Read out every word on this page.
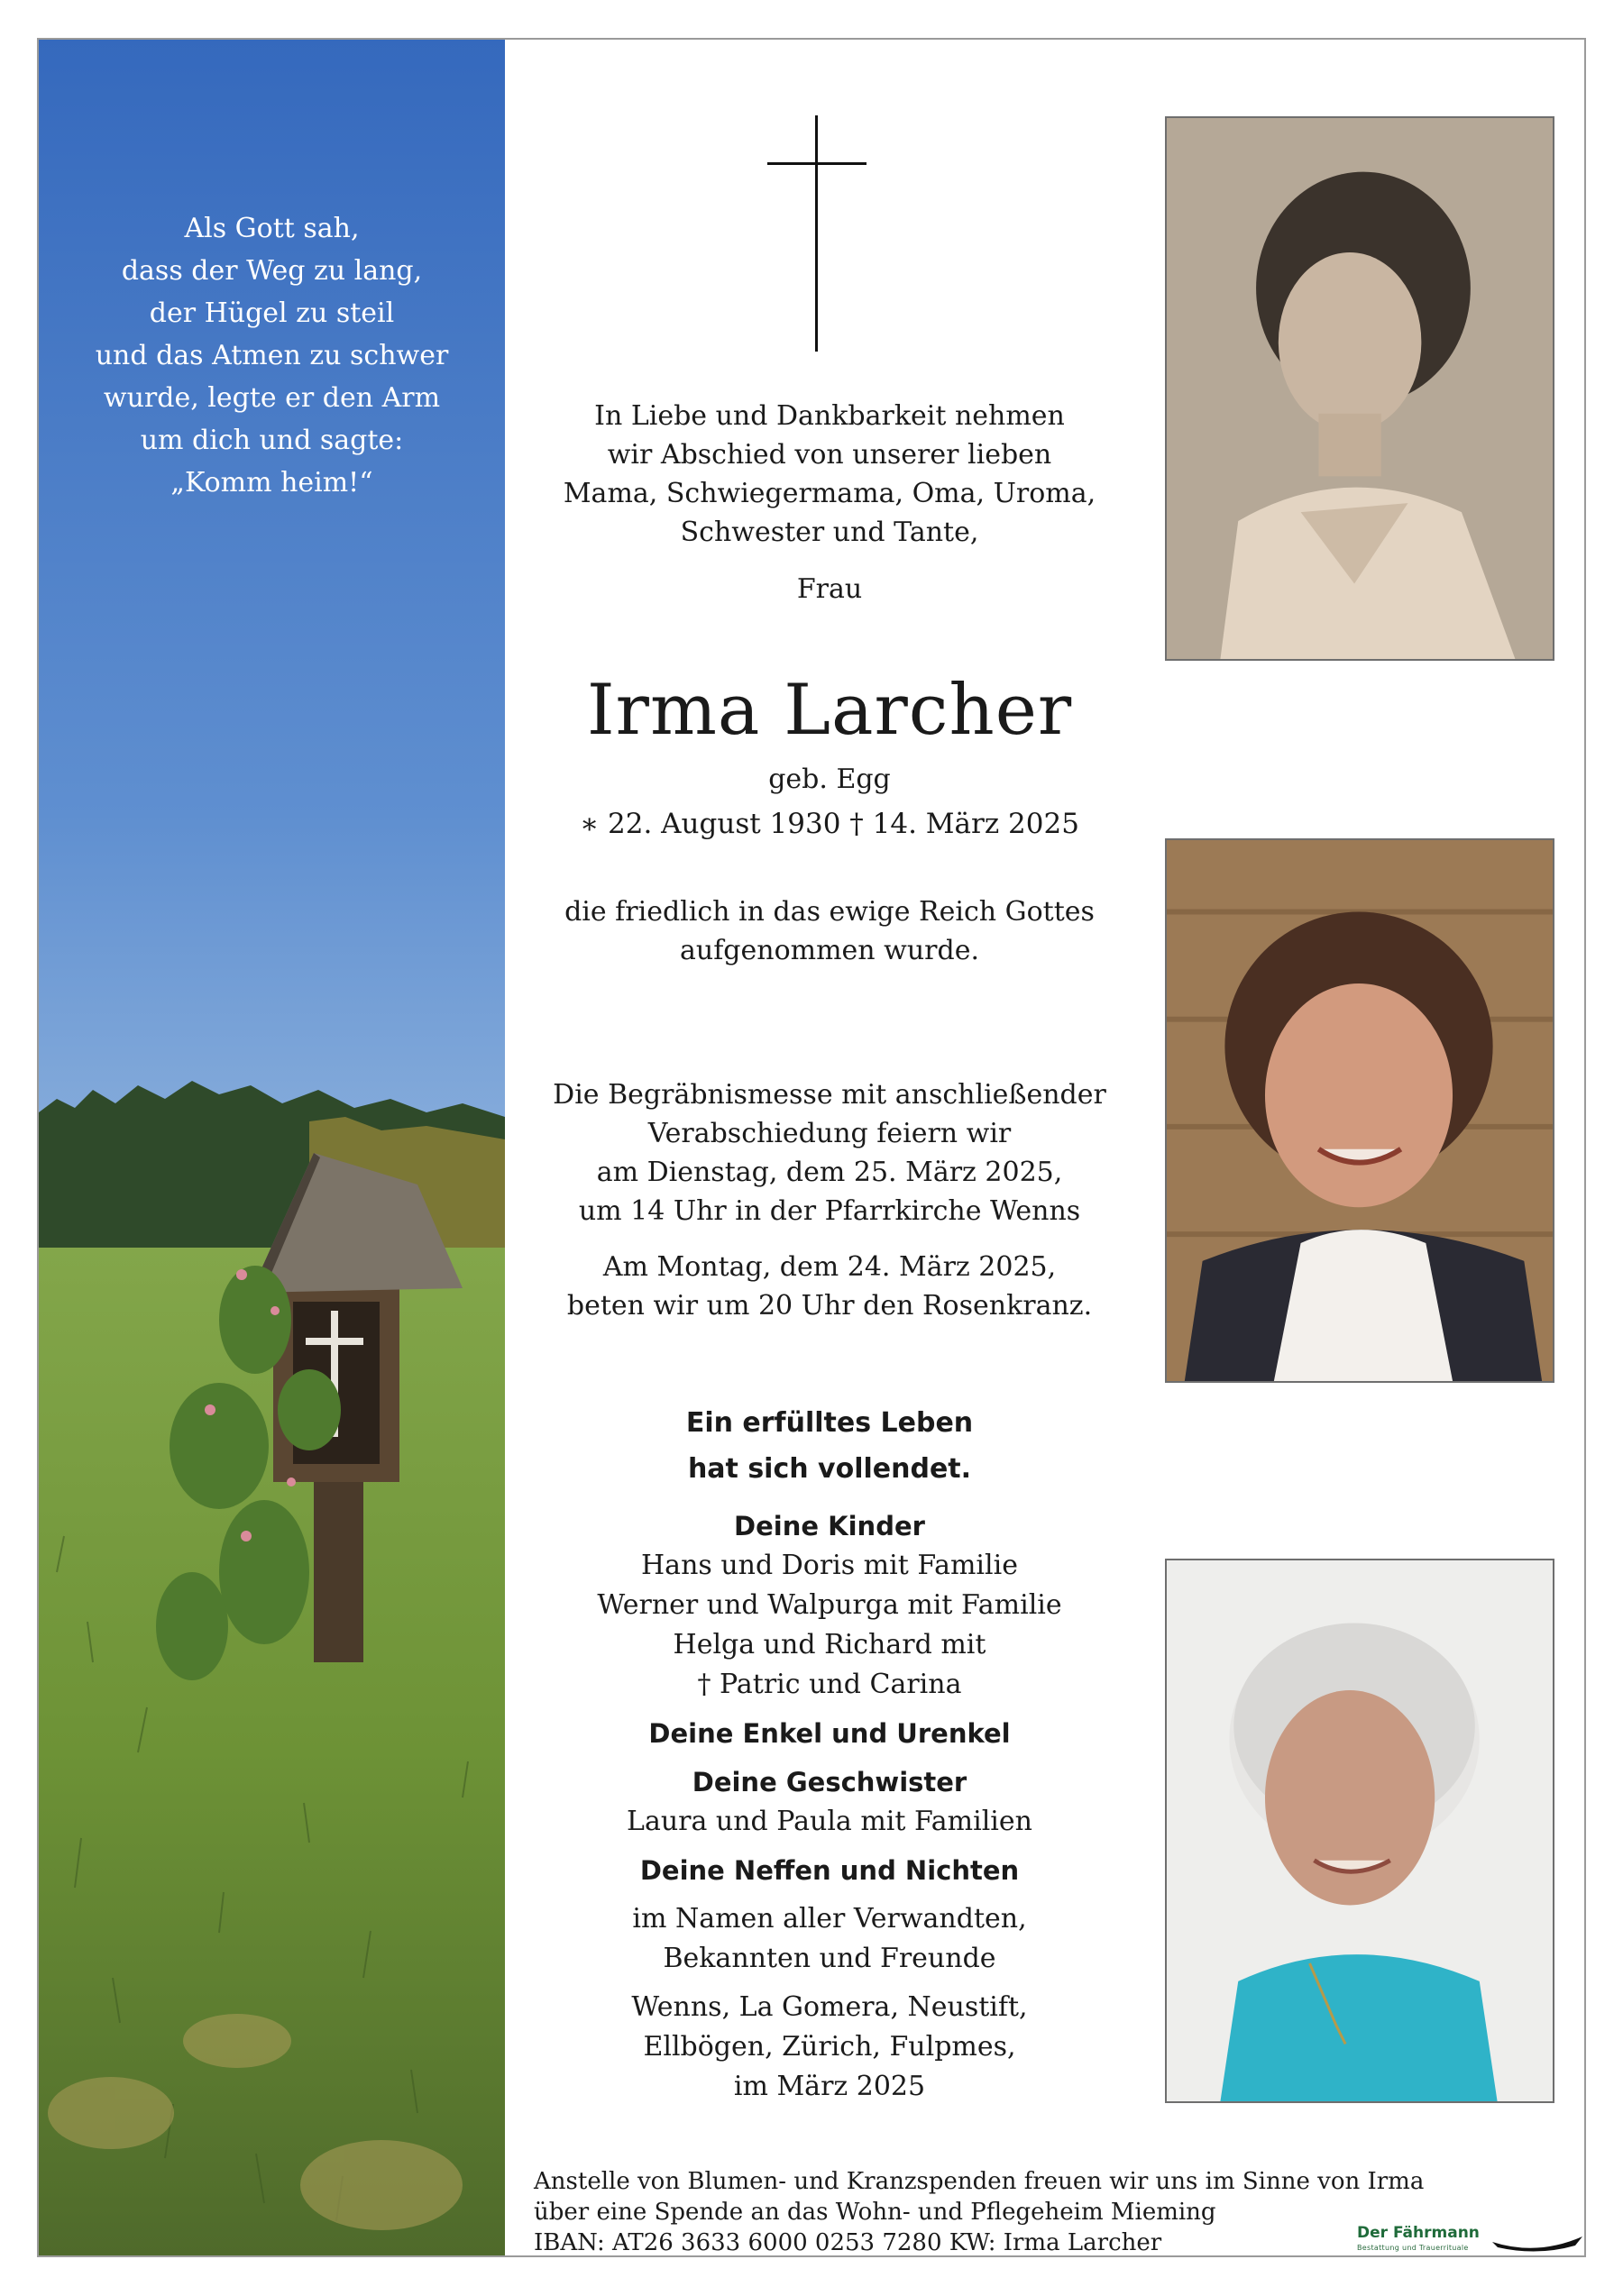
Als Gott sah,
dass der Weg zu lang,
der Hügel zu steil
und das Atmen zu schwer
wurde, legte er den Arm
um dich und sagte:
„Komm heim!“
In Liebe und Dankbarkeit nehmen
wir Abschied von unserer lieben
Mama, Schwiegermama, Oma, Uroma,
Schwester und Tante,
Frau
Irma Larcher
geb. Egg
∗ 22. August 1930 † 14. März 2025
die friedlich in das ewige Reich Gottes
aufgenommen wurde.
Die Begräbnismesse mit anschließender
Verabschiedung feiern wir
am Dienstag, dem 25. März 2025,
um 14 Uhr in der Pfarrkirche Wenns
Am Montag, dem 24. März 2025,
beten wir um 20 Uhr den Rosenkranz.
Ein erfülltes Leben
hat sich vollendet.
Deine Kinder
Hans und Doris mit Familie
Werner und Walpurga mit Familie
Helga und Richard mit
† Patric und Carina
Deine Enkel und Urenkel
Deine Geschwister
Laura und Paula mit Familien
Deine Neffen und Nichten
im Namen aller Verwandten,
Bekannten und Freunde
Wenns, La Gomera, Neustift,
Ellbögen, Zürich, Fulpmes,
im März 2025
Anstelle von Blumen- und Kranzspenden freuen wir uns im Sinne von Irma
über eine Spende an das Wohn- und Pflegeheim Mieming
IBAN: AT26 3633 6000 0253 7280 KW: Irma Larcher	Der Fährmann
Bestattung und Trauerrituale
